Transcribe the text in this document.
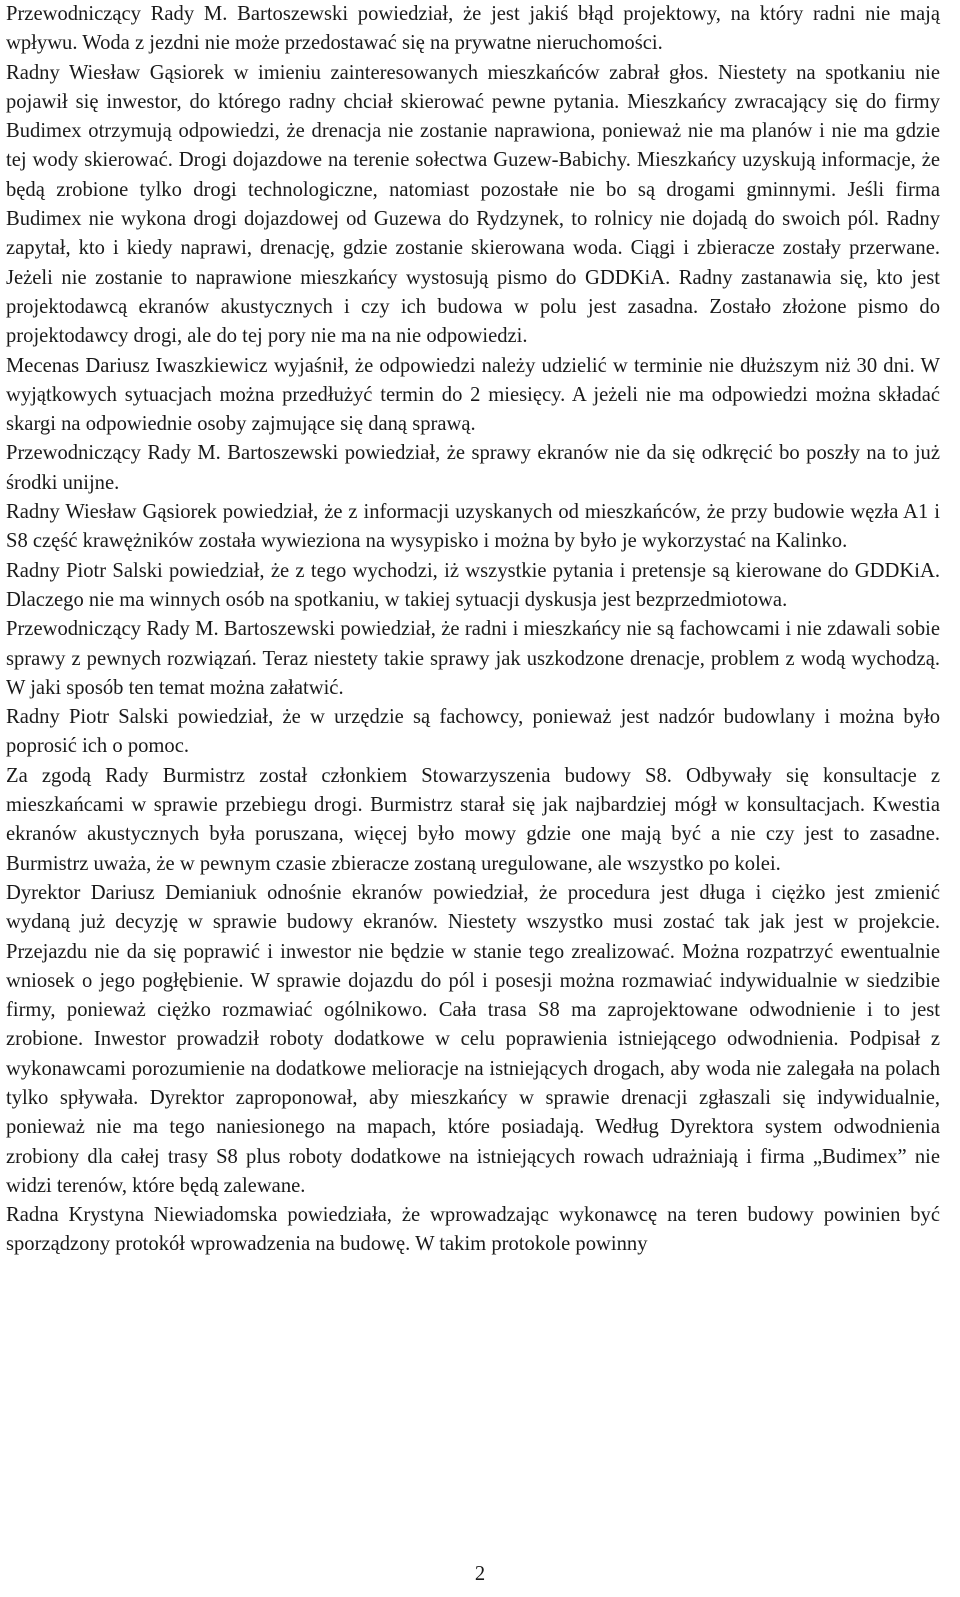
Przewodniczący Rady M. Bartoszewski powiedział, że jest jakiś błąd projektowy, na który radni nie mają wpływu. Woda z jezdni nie może przedostawać się na prywatne nieruchomości.

Radny Wiesław Gąsiorek w imieniu zainteresowanych mieszkańców zabrał głos. Niestety na spotkaniu nie pojawił się inwestor, do którego radny chciał skierować pewne pytania. Mieszkańcy zwracający się do firmy Budimex otrzymują odpowiedzi, że drenacja nie zostanie naprawiona, ponieważ nie ma planów i nie ma gdzie tej wody skierować. Drogi dojazdowe na terenie sołectwa Guzew-Babichy. Mieszkańcy uzyskują informacje, że będą zrobione tylko drogi technologiczne, natomiast pozostałe nie bo są drogami gminnymi. Jeśli firma Budimex nie wykona drogi dojazdowej od Guzewa do Rydzynek, to rolnicy nie dojadą do swoich pól. Radny zapytał, kto i kiedy naprawi, drenację, gdzie zostanie skierowana woda. Ciągi i zbieracze zostały przerwane. Jeżeli nie zostanie to naprawione mieszkańcy wystosują pismo do GDDKiA. Radny zastanawia się, kto jest projektodawcą ekranów akustycznych i czy ich budowa w polu jest zasadna. Zostało złożone pismo do projektodawcy drogi, ale do tej pory nie ma na nie odpowiedzi.

Mecenas Dariusz Iwaszkiewicz wyjaśnił, że odpowiedzi należy udzielić w terminie nie dłuższym niż 30 dni. W wyjątkowych sytuacjach można przedłużyć termin do 2 miesięcy. A jeżeli nie ma odpowiedzi można składać skargi na odpowiednie osoby zajmujące się daną sprawą.

Przewodniczący Rady M. Bartoszewski powiedział, że sprawy ekranów nie da się odkręcić bo poszły na to już środki unijne.

Radny Wiesław Gąsiorek powiedział, że z informacji uzyskanych od mieszkańców, że przy budowie węzła A1 i S8 część krawężników została wywieziona na wysypisko i można by było je wykorzystać na Kalinko.

Radny Piotr Salski powiedział, że z tego wychodzi, iż wszystkie pytania i pretensje są kierowane do GDDKiA. Dlaczego nie ma winnych osób na spotkaniu, w takiej sytuacji dyskusja jest bezprzedmiotowa.

Przewodniczący Rady M. Bartoszewski powiedział, że radni i mieszkańcy nie są fachowcami i nie zdawali sobie sprawy z pewnych rozwiązań. Teraz niestety takie sprawy jak uszkodzone drenacje, problem z wodą wychodzą. W jaki sposób ten temat można załatwić.

Radny Piotr Salski powiedział, że w urzędzie są fachowcy, ponieważ jest nadzór budowlany i można było poprosić ich o pomoc.

Za zgodą Rady Burmistrz został członkiem Stowarzyszenia budowy S8. Odbywały się konsultacje z mieszkańcami w sprawie przebiegu drogi. Burmistrz starał się jak najbardziej mógł w konsultacjach. Kwestia ekranów akustycznych była poruszana, więcej było mowy gdzie one mają być a nie czy jest to zasadne. Burmistrz uważa, że w pewnym czasie zbieracze zostaną uregulowane, ale wszystko po kolei.

Dyrektor Dariusz Demianiuk odnośnie ekranów powiedział, że procedura jest długa i ciężko jest zmienić wydaną już decyzję w sprawie budowy ekranów. Niestety wszystko musi zostać tak jak jest w projekcie. Przejazdu nie da się poprawić i inwestor nie będzie w stanie tego zrealizować. Można rozpatrzyć ewentualnie wniosek o jego pogłębienie. W sprawie dojazdu do pól i posesji można rozmawiać indywidualnie w siedzibie firmy, ponieważ ciężko rozmawiać ogólnikowo. Cała trasa S8 ma zaprojektowane odwodnienie i to jest zrobione. Inwestor prowadził roboty dodatkowe w celu poprawienia istniejącego odwodnienia. Podpisał z wykonawcami porozumienie na dodatkowe melioracje na istniejących drogach, aby woda nie zalegała na polach tylko spływała. Dyrektor zaproponował, aby mieszkańcy w sprawie drenacji zgłaszali się indywidualnie, ponieważ nie ma tego naniesionego na mapach, które posiadają. Według Dyrektora system odwodnienia zrobiony dla całej trasy S8 plus roboty dodatkowe na istniejących rowach udrażniają i firma „Budimex” nie widzi terenów, które będą zalewane.

Radna Krystyna Niewiadomska powiedziała, że wprowadzając wykonawcę na teren budowy powinien być sporządzony protokół wprowadzenia na budowę. W takim protokole powinny

2
